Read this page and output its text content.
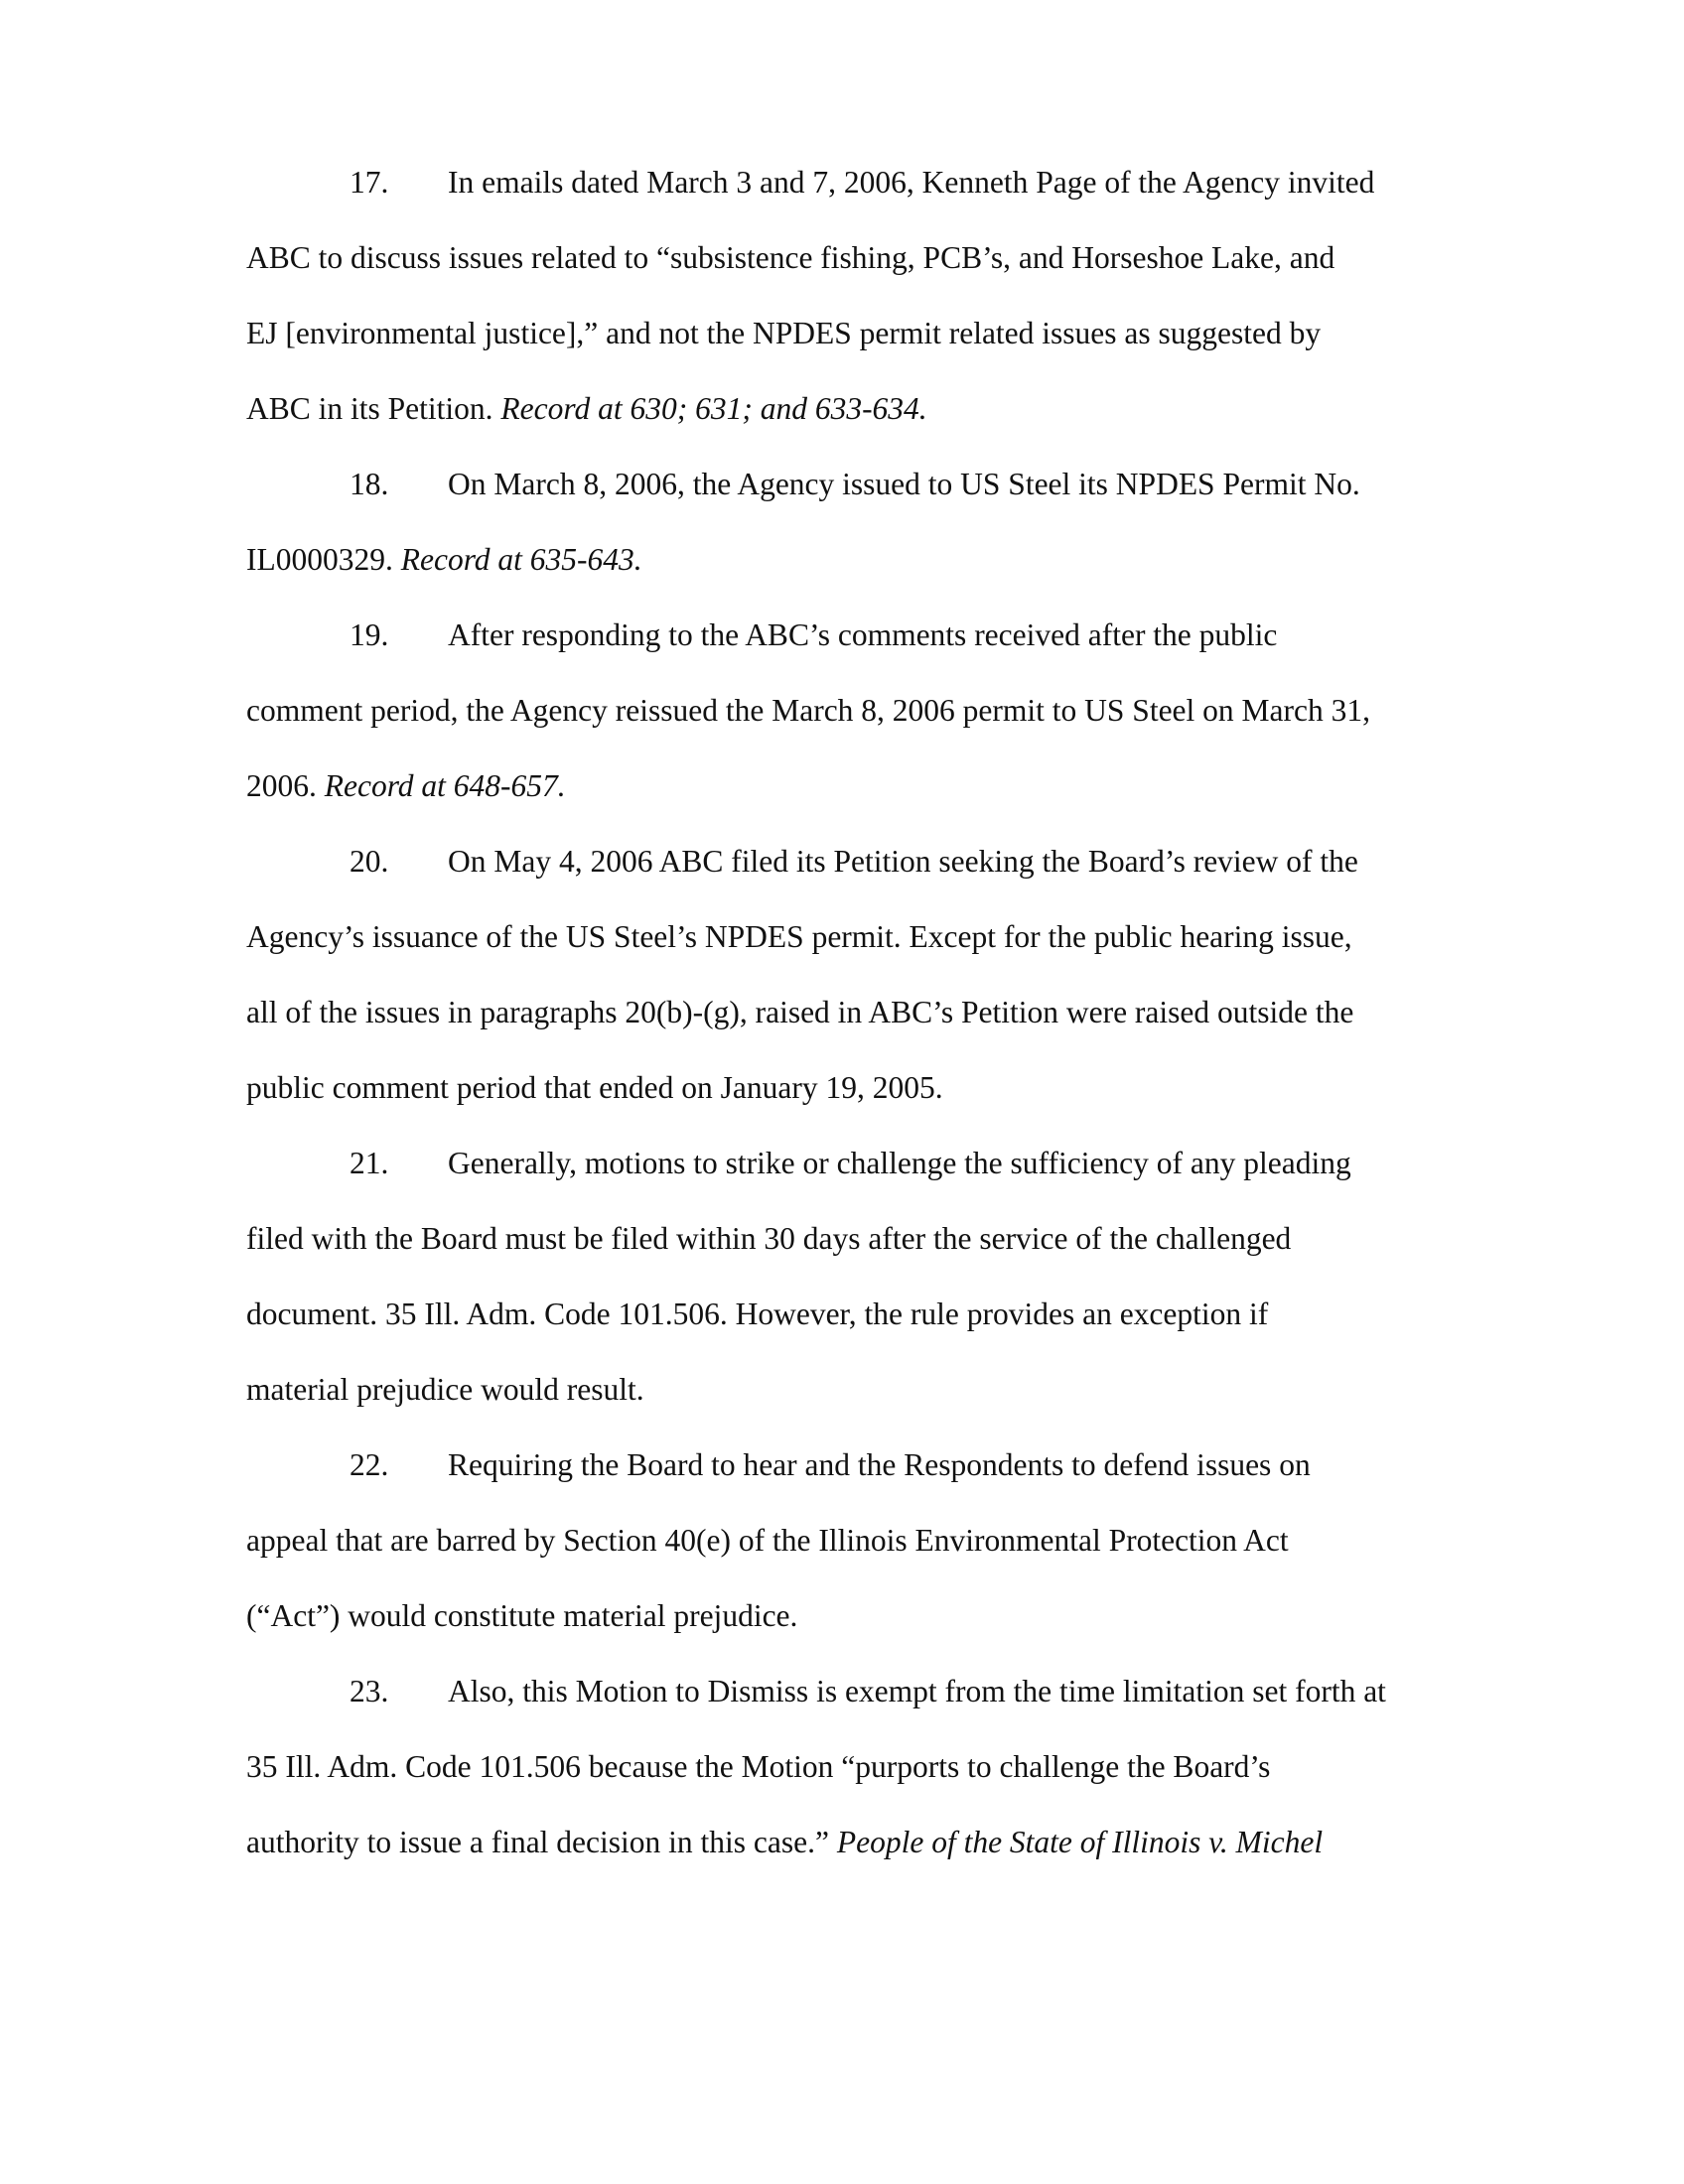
17. In emails dated March 3 and 7, 2006, Kenneth Page of the Agency invited
ABC to discuss issues related to “subsistence fishing, PCB’s, and Horseshoe Lake, and
EJ [environmental justice],” and not the NPDES permit related issues as suggested by
ABC in its Petition. Record at 630; 631; and 633-634.
18. On March 8, 2006, the Agency issued to US Steel its NPDES Permit No.
IL0000329. Record at 635-643.
19. After responding to the ABC’s comments received after the public
comment period, the Agency reissued the March 8, 2006 permit to US Steel on March 31,
2006. Record at 648-657.
20. On May 4, 2006 ABC filed its Petition seeking the Board’s review of the
Agency’s issuance of the US Steel’s NPDES permit. Except for the public hearing issue,
all of the issues in paragraphs 20(b)-(g), raised in ABC’s Petition were raised outside the
public comment period that ended on January 19, 2005.
21. Generally, motions to strike or challenge the sufficiency of any pleading
filed with the Board must be filed within 30 days after the service of the challenged
document. 35 Ill. Adm. Code 101.506. However, the rule provides an exception if
material prejudice would result.
22. Requiring the Board to hear and the Respondents to defend issues on
appeal that are barred by Section 40(e) of the Illinois Environmental Protection Act
(“Act”) would constitute material prejudice.
23. Also, this Motion to Dismiss is exempt from the time limitation set forth at
35 Ill. Adm. Code 101.506 because the Motion “purports to challenge the Board’s
authority to issue a final decision in this case.” People of the State of Illinois v. Michel
